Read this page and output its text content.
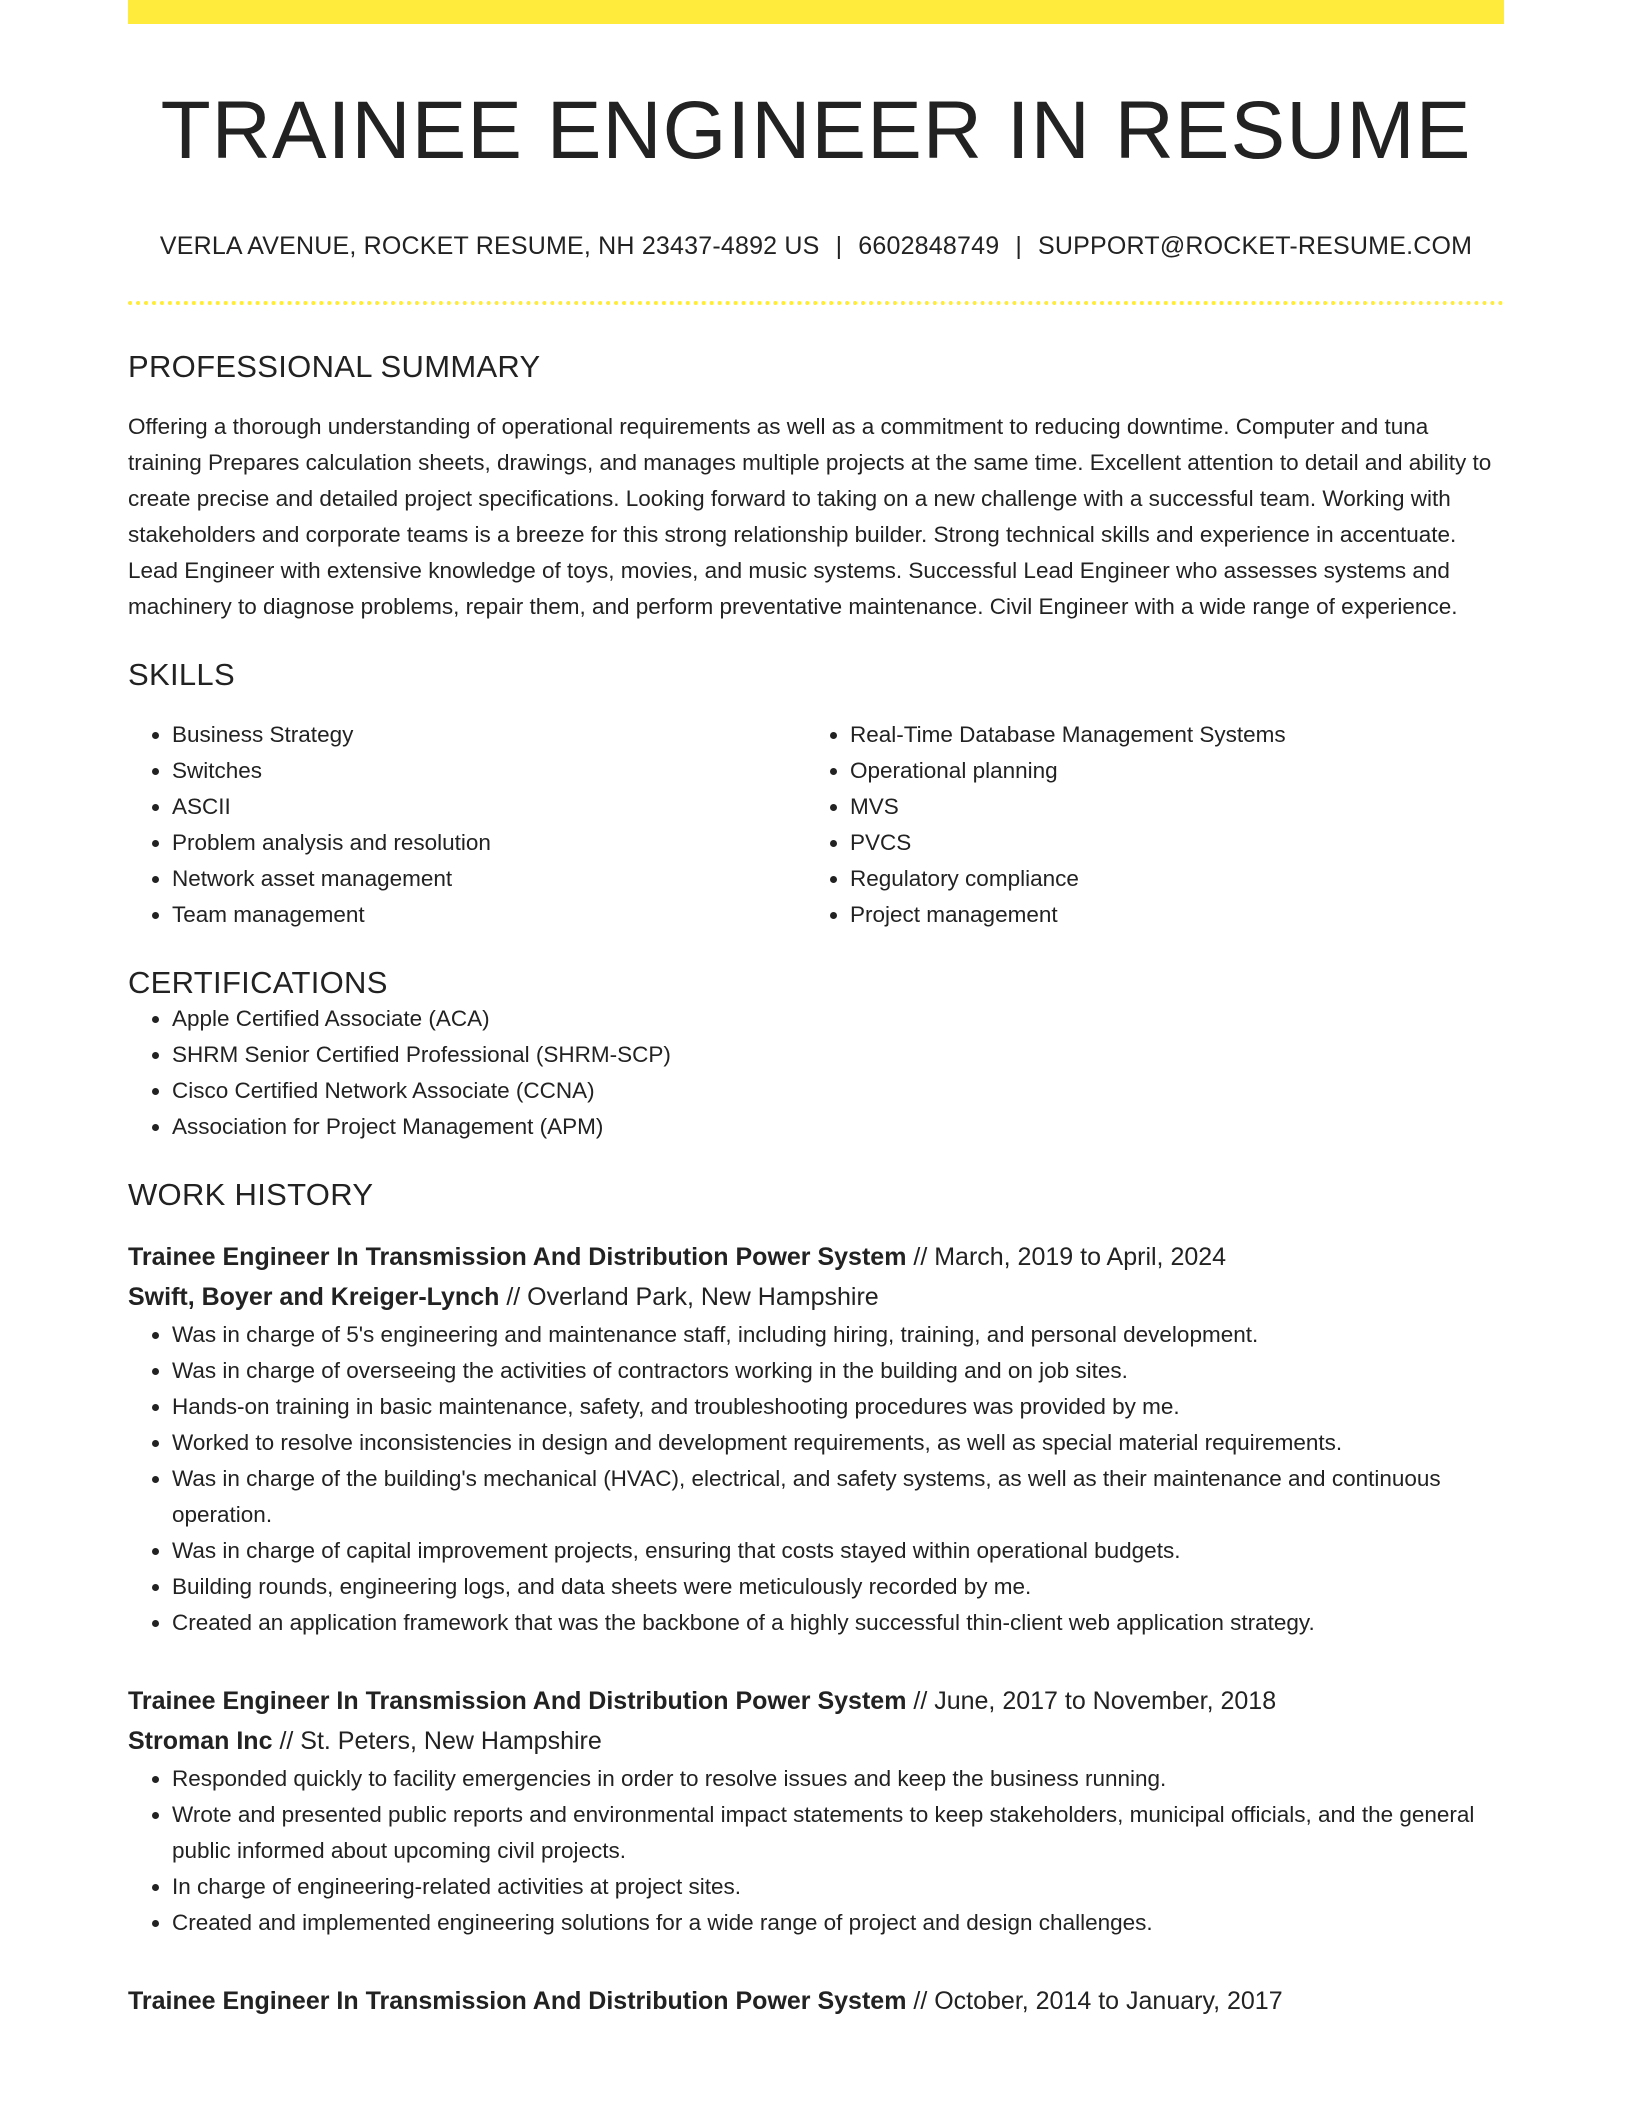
TRAINEE ENGINEER IN RESUME
VERLA AVENUE, ROCKET RESUME, NH 23437-4892 US | 6602848749 | SUPPORT@ROCKET-RESUME.COM
PROFESSIONAL SUMMARY
Offering a thorough understanding of operational requirements as well as a commitment to reducing downtime. Computer and tuna training Prepares calculation sheets, drawings, and manages multiple projects at the same time. Excellent attention to detail and ability to create precise and detailed project specifications. Looking forward to taking on a new challenge with a successful team. Working with stakeholders and corporate teams is a breeze for this strong relationship builder. Strong technical skills and experience in accentuate. Lead Engineer with extensive knowledge of toys, movies, and music systems. Successful Lead Engineer who assesses systems and machinery to diagnose problems, repair them, and perform preventative maintenance. Civil Engineer with a wide range of experience.
SKILLS
• Business Strategy
• Switches
• ASCII
• Problem analysis and resolution
• Network asset management
• Team management
• Real-Time Database Management Systems
• Operational planning
• MVS
• PVCS
• Regulatory compliance
• Project management
CERTIFICATIONS
• Apple Certified Associate (ACA)
• SHRM Senior Certified Professional (SHRM-SCP)
• Cisco Certified Network Associate (CCNA)
• Association for Project Management (APM)
WORK HISTORY
Trainee Engineer In Transmission And Distribution Power System // March, 2019 to April, 2024
Swift, Boyer and Kreiger-Lynch // Overland Park, New Hampshire
• Was in charge of 5's engineering and maintenance staff, including hiring, training, and personal development.
• Was in charge of overseeing the activities of contractors working in the building and on job sites.
• Hands-on training in basic maintenance, safety, and troubleshooting procedures was provided by me.
• Worked to resolve inconsistencies in design and development requirements, as well as special material requirements.
• Was in charge of the building's mechanical (HVAC), electrical, and safety systems, as well as their maintenance and continuous operation.
• Was in charge of capital improvement projects, ensuring that costs stayed within operational budgets.
• Building rounds, engineering logs, and data sheets were meticulously recorded by me.
• Created an application framework that was the backbone of a highly successful thin-client web application strategy.
Trainee Engineer In Transmission And Distribution Power System // June, 2017 to November, 2018
Stroman Inc // St. Peters, New Hampshire
• Responded quickly to facility emergencies in order to resolve issues and keep the business running.
• Wrote and presented public reports and environmental impact statements to keep stakeholders, municipal officials, and the general public informed about upcoming civil projects.
• In charge of engineering-related activities at project sites.
• Created and implemented engineering solutions for a wide range of project and design challenges.
Trainee Engineer In Transmission And Distribution Power System // October, 2014 to January, 2017
